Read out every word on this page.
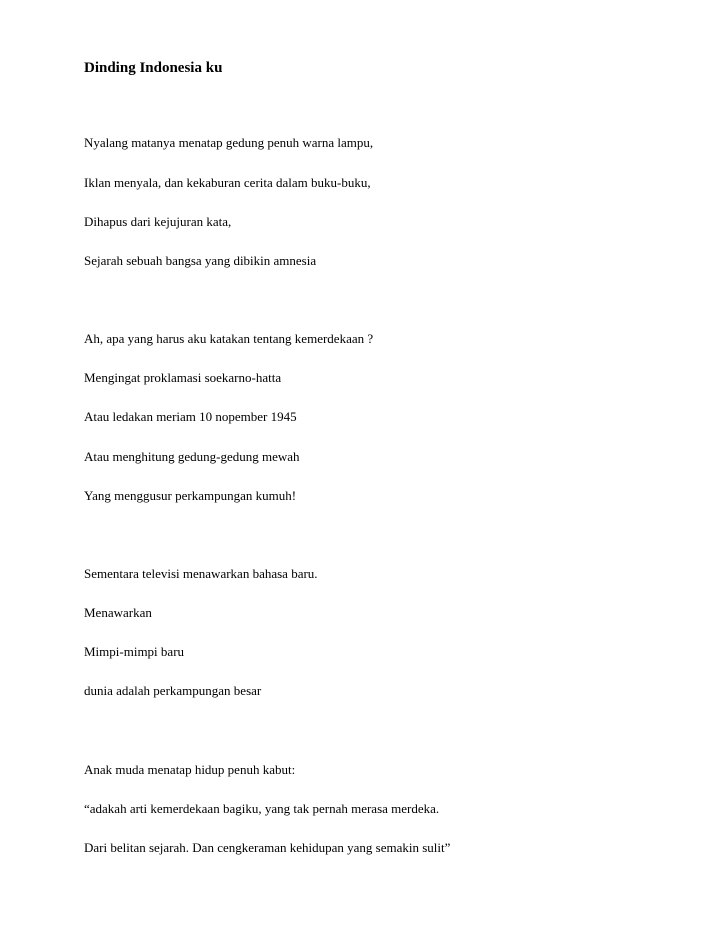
Dinding Indonesia ku
Nyalang matanya menatap gedung penuh warna lampu,
Iklan menyala, dan kekaburan cerita dalam buku-buku,
Dihapus dari kejujuran kata,
Sejarah sebuah bangsa yang dibikin amnesia
Ah, apa yang harus aku katakan tentang kemerdekaan ?
Mengingat proklamasi soekarno-hatta
Atau ledakan meriam 10 nopember 1945
Atau menghitung gedung-gedung mewah
Yang menggusur perkampungan kumuh!
Sementara televisi menawarkan bahasa baru.
Menawarkan
Mimpi-mimpi baru
dunia adalah perkampungan besar
Anak muda menatap hidup penuh kabut:
“adakah arti kemerdekaan bagiku, yang tak pernah merasa merdeka.
Dari belitan sejarah. Dan cengkeraman kehidupan yang semakin sulit”
